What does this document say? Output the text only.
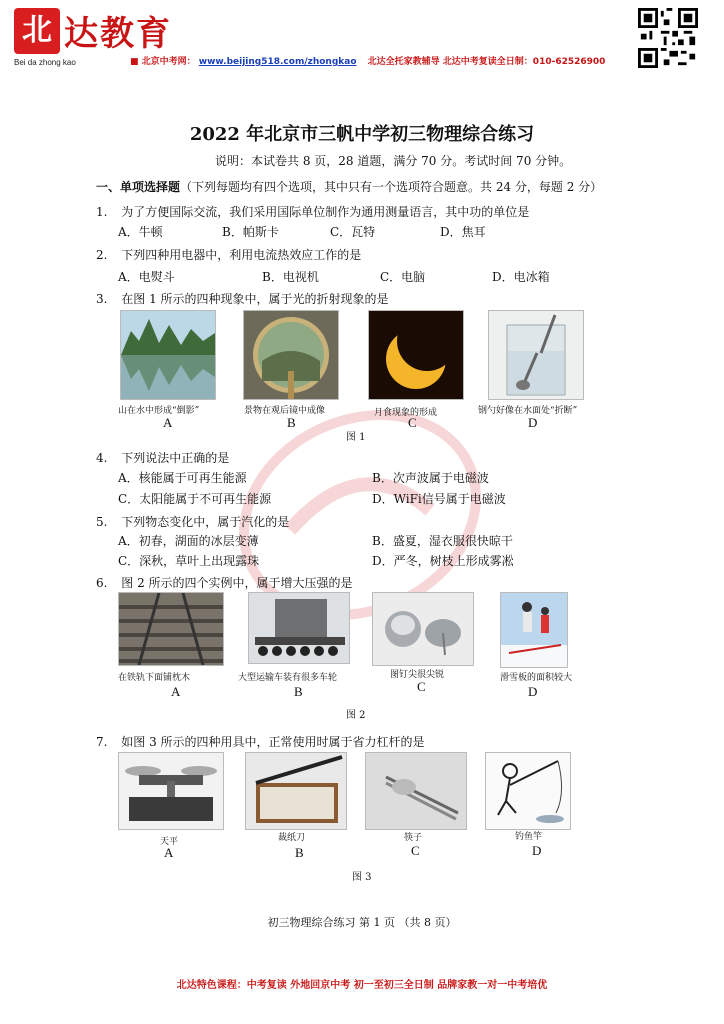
北 达教育
Bei da zhong kao	■ 北京中考网： www.beijing518.com/zhongkao 北达全托家教辅导 北达中考复读全日制：010-62526900
2022 年北京市三帆中学初三物理综合练习
说明：本试卷共 8 页，28 道题，满分 70 分。考试时间 70 分钟。
一、单项选择题（下列每题均有四个选项，其中只有一个选项符合题意。共 24 分，每题 2 分）
1. 为了方便国际交流，我们采用国际单位制作为通用测量语言，其中功的单位是
A．牛顿	B．帕斯卡	C．瓦特	D．焦耳
2. 下列四种用电器中，利用电流热效应工作的是
A．电熨斗	B．电视机	C．电脑	D．电冰箱
3. 在图 1 所示的四种现象中，属于光的折射现象的是
山在水中形成“倒影”	景物在观后镜中成像	月食现象的形成	钢勺好像在水面处“折断”
A	B	C	D
图 1
4. 下列说法中正确的是
A．核能属于可再生能源	B．次声波属于电磁波
C．太阳能属于不可再生能源	D．WiFi信号属于电磁波
5. 下列物态变化中，属于汽化的是
A．初春，湖面的冰层变薄	B．盛夏，湿衣服很快晾干
C．深秋，草叶上出现露珠	D．严冬，树枝上形成雾凇
6. 图 2 所示的四个实例中，属于增大压强的是
在铁轨下面铺枕木	大型运输车装有很多车轮	图钉尖很尖锐	滑雪板的面积较大
A	B	C	D
图 2
7. 如图 3 所示的四种用具中，正常使用时属于省力杠杆的是
天平	裁纸刀	筷子	钓鱼竿
A	B	C	D
图 3
初三物理综合练习 第 1 页 （共 8 页）
北达特色课程：中考复读 外地回京中考 初一至初三全日制 品牌家教一对一中考培优
